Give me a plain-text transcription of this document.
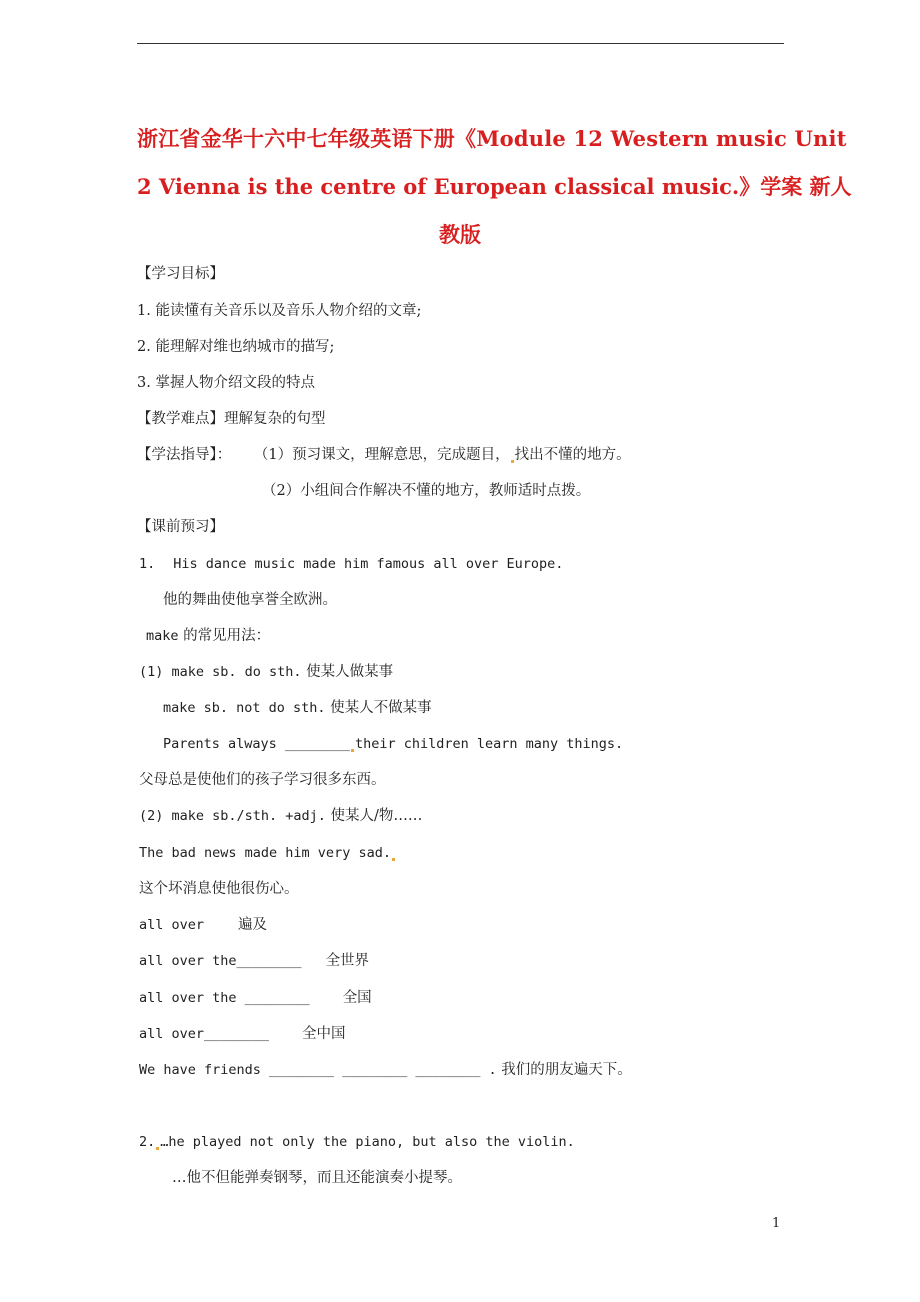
浙江省金华十六中七年级英语下册《Module 12 Western music Unit
2 Vienna is the centre of European classical music.》学案 新人
教版
【学习目标】
1. 能读懂有关音乐以及音乐人物介绍的文章;
2. 能理解对维也纳城市的描写;
3. 掌握人物介绍文段的特点
【教学难点】理解复杂的句型
【学法指导】： （1）预习课文，理解意思，完成题目， 找出不懂的地方。
（2）小组间合作解决不懂的地方，教师适时点拨。
【课前预习】
1. His dance music made him famous all over Europe.
他的舞曲使他享誉全欧洲。
make 的常见用法：
(1) make sb. do sth. 使某人做某事
make sb. not do sth. 使某人不做某事
Parents always ________ their children learn many things.
父母总是使他们的孩子学习很多东西。
(2) make sb./sth. +adj. 使某人/物……
The bad news made him very sad.
这个坏消息使他很伤心。
all over 遍及
all over the________ 全世界
all over the ________ 全国
all over________ 全中国
We have friends ________ ________ ________ . 我们的朋友遍天下。
2. …he played not only the piano, but also the violin.
…他不但能弹奏钢琴，而且还能演奏小提琴。
1
